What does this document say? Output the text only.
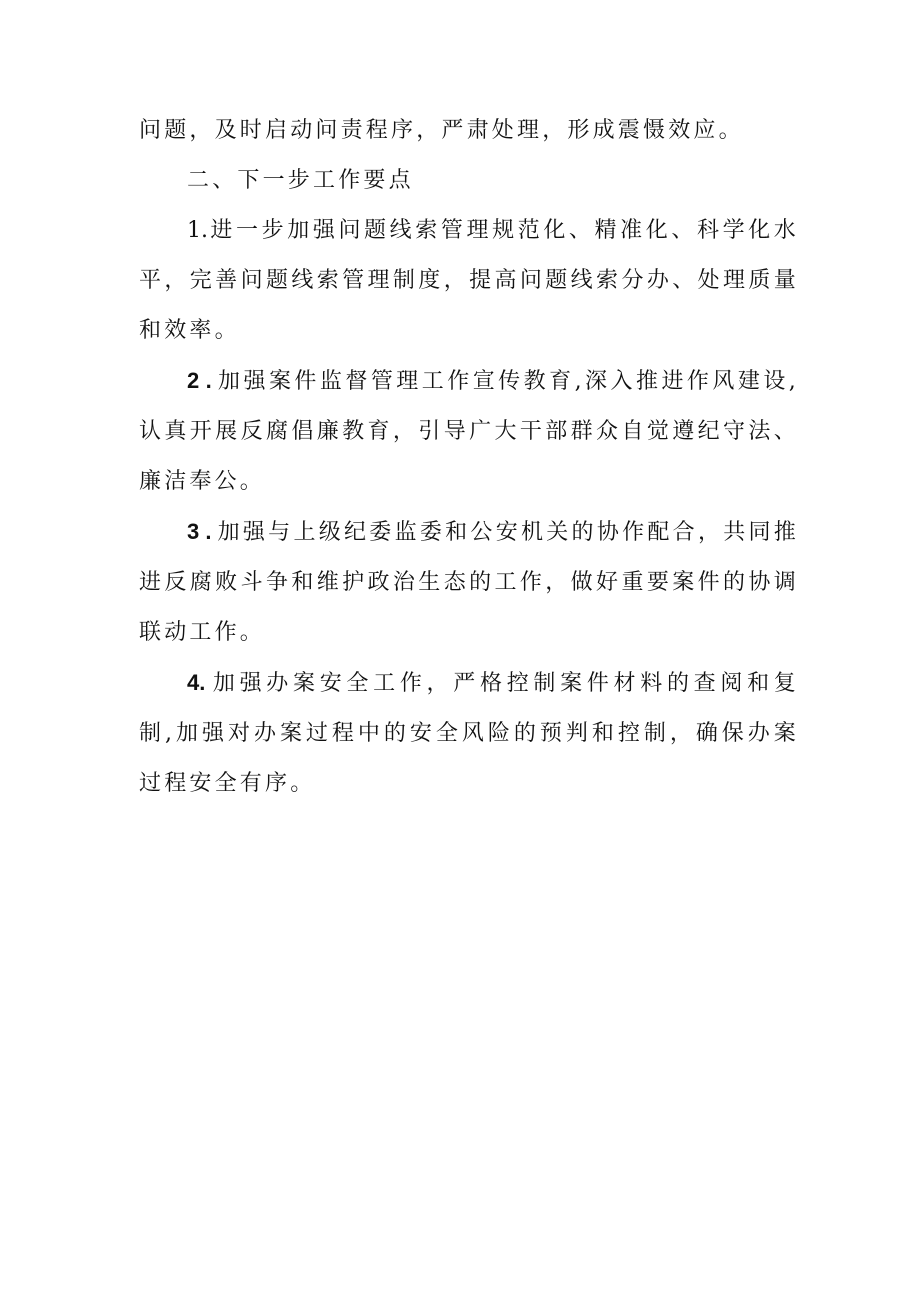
问题，及时启动问责程序，严肃处理，形成震慑效应。

二、下一步工作要点

1.进一步加强问题线索管理规范化、精准化、科学化水平，完善问题线索管理制度，提高问题线索分办、处理质量和效率。

2 . 加强案件监督管理工作宣传教育,深入推进作风建设,认真开展反腐倡廉教育，引导广大干部群众自觉遵纪守法、廉洁奉公。

3 . 加强与上级纪委监委和公安机关的协作配合，共同推进反腐败斗争和维护政治生态的工作，做好重要案件的协调联动工作。

4. 加强办案安全工作，严格控制案件材料的查阅和复制,加强对办案过程中的安全风险的预判和控制，确保办案过程安全有序。
